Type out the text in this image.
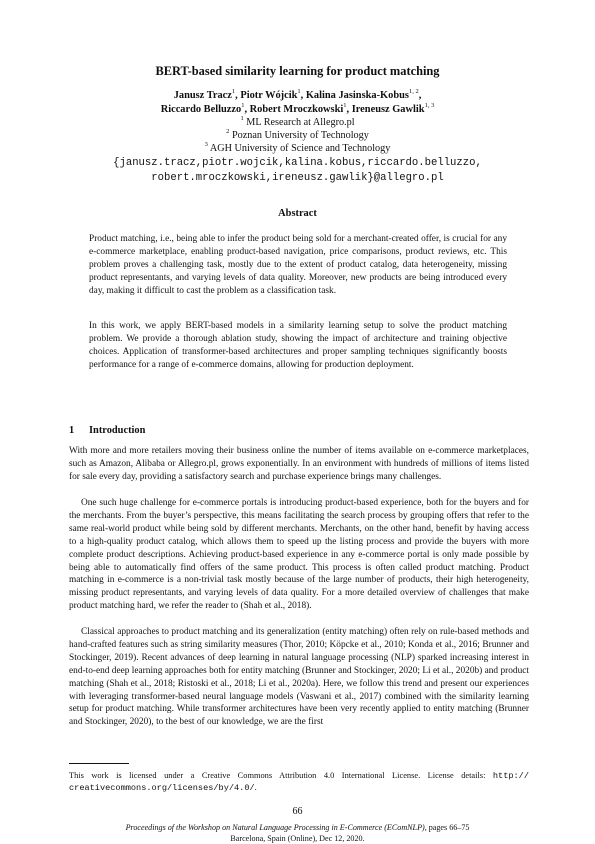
BERT-based similarity learning for product matching
Janusz Tracz$^1$, Piotr Wójcik$^1$, Kalina Jasinska-Kobus$^{1, 2}$,
Riccardo Belluzzo$^1$, Robert Mroczkowski$^1$, Ireneusz Gawlik$^{1, 3}$
$^1$ ML Research at Allegro.pl
$^2$ Poznan University of Technology
$^3$ AGH University of Science and Technology
{janusz.tracz,piotr.wojcik,kalina.kobus,riccardo.belluzzo,
robert.mroczkowski,ireneusz.gawlik}@allegro.pl
Abstract
Product matching, i.e., being able to infer the product being sold for a merchant-created offer, is crucial for any e-commerce marketplace, enabling product-based navigation, price comparisons, product reviews, etc. This problem proves a challenging task, mostly due to the extent of product catalog, data heterogeneity, missing product representants, and varying levels of data quality. Moreover, new products are being introduced every day, making it difficult to cast the problem as a classification task.
In this work, we apply BERT-based models in a similarity learning setup to solve the product matching problem. We provide a thorough ablation study, showing the impact of architecture and training objective choices. Application of transformer-based architectures and proper sampling techniques significantly boosts performance for a range of e-commerce domains, allowing for production deployment.
1 Introduction
With more and more retailers moving their business online the number of items available on e-commerce marketplaces, such as Amazon, Alibaba or Allegro.pl, grows exponentially. In an environment with hundreds of millions of items listed for sale every day, providing a satisfactory search and purchase experience brings many challenges.
One such huge challenge for e-commerce portals is introducing product-based experience, both for the buyers and for the merchants. From the buyer’s perspective, this means facilitating the search process by grouping offers that refer to the same real-world product while being sold by different merchants. Merchants, on the other hand, benefit by having access to a high-quality product catalog, which allows them to speed up the listing process and provide the buyers with more complete product descriptions. Achieving product-based experience in any e-commerce portal is only made possible by being able to automatically find offers of the same product. This process is often called product matching. Product matching in e-commerce is a non-trivial task mostly because of the large number of products, their high heterogeneity, missing product representants, and varying levels of data quality. For a more detailed overview of challenges that make product matching hard, we refer the reader to (Shah et al., 2018).
Classical approaches to product matching and its generalization (entity matching) often rely on rule-based methods and hand-crafted features such as string similarity measures (Thor, 2010; Köpcke et al., 2010; Konda et al., 2016; Brunner and Stockinger, 2019). Recent advances of deep learning in natural language processing (NLP) sparked increasing interest in end-to-end deep learning approaches both for entity matching (Brunner and Stockinger, 2020; Li et al., 2020b) and product matching (Shah et al., 2018; Ristoski et al., 2018; Li et al., 2020a). Here, we follow this trend and present our experiences with leveraging transformer-based neural language models (Vaswani et al., 2017) combined with the similarity learning setup for product matching. While transformer architectures have been very recently applied to entity matching (Brunner and Stockinger, 2020), to the best of our knowledge, we are the first
This work is licensed under a Creative Commons Attribution 4.0 International License. License details: http:// creativecommons.org/licenses/by/4.0/.
66
Proceedings of the Workshop on Natural Language Processing in E-Commerce (EComNLP), pages 66–75
Barcelona, Spain (Online), Dec 12, 2020.
